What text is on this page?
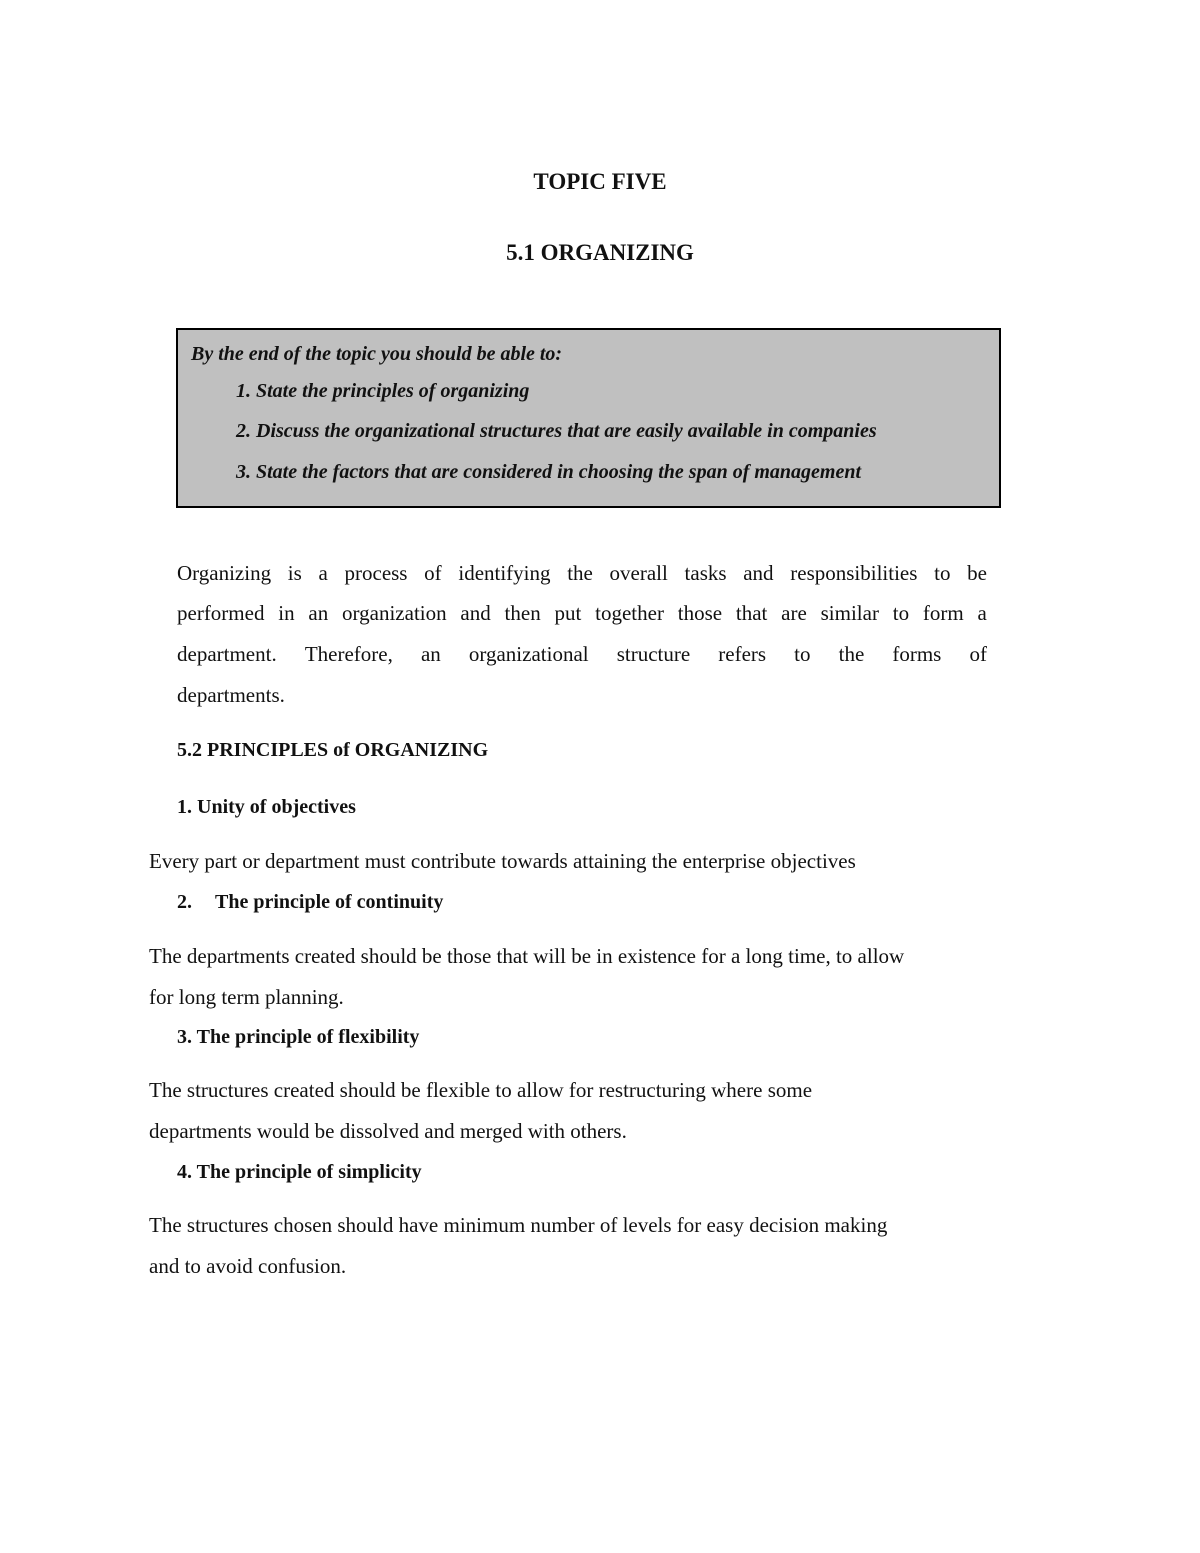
TOPIC FIVE
5.1 ORGANIZING
By the end of the topic you should be able to:
1. State the principles of organizing
2. Discuss the organizational structures that are easily available in companies
3. State the factors that are considered in choosing the span of management
Organizing is a process of identifying the overall tasks and responsibilities to be
performed in an organization and then put together those that are similar to form a
department. Therefore, an organizational structure refers to the forms of
departments.
5.2 PRINCIPLES of ORGANIZING
1. Unity of objectives
Every part or department must contribute towards attaining the enterprise objectives
2. The principle of continuity
The departments created should be those that will be in existence for a long time, to allow
for long term planning.
3. The principle of flexibility
The structures created should be flexible to allow for restructuring where some
departments would be dissolved and merged with others.
4. The principle of simplicity
The structures chosen should have minimum number of levels for easy decision making
and to avoid confusion.
